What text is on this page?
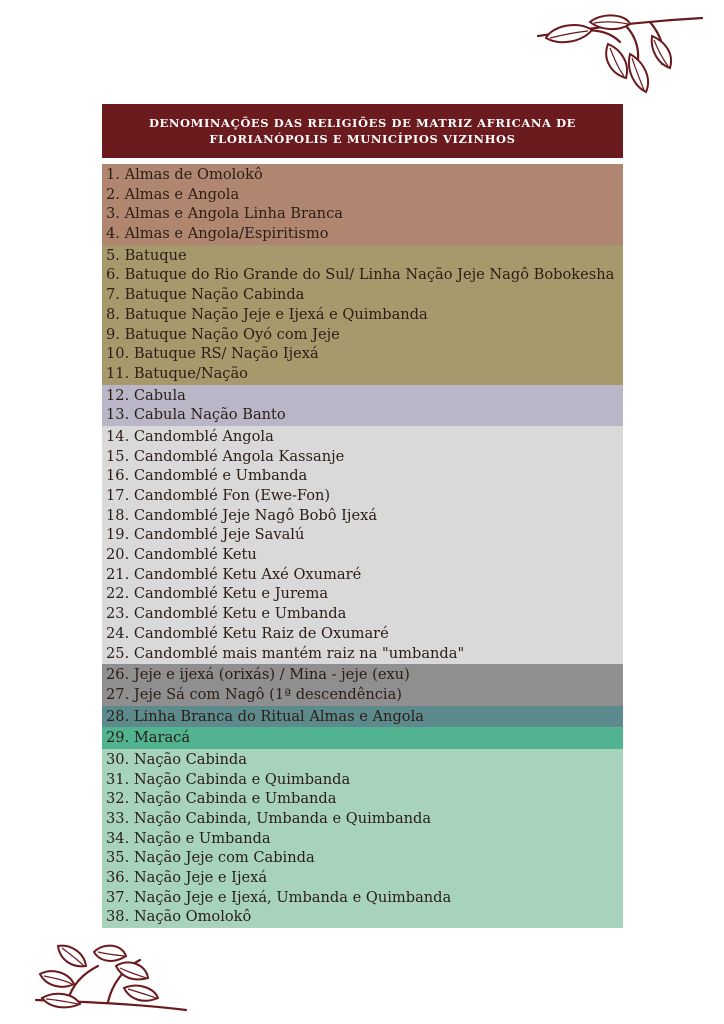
DENOMINAÇÕES DAS RELIGIÕES DE MATRIZ AFRICANA DE
FLORIANÓPOLIS E MUNICÍPIOS VIZINHOS
1. Almas de Omolokô
2. Almas e Angola
3. Almas e Angola Linha Branca
4. Almas e Angola/Espiritismo
5. Batuque
6. Batuque do Rio Grande do Sul/ Linha Nação Jeje Nagô Bobokesha
7. Batuque Nação Cabinda
8. Batuque Nação Jeje e Ijexá e Quimbanda
9. Batuque Nação Oyó com Jeje
10. Batuque RS/ Nação Ijexá
11. Batuque/Nação
12. Cabula
13. Cabula Nação Banto
14. Candomblé Angola
15. Candomblé Angola Kassanje
16. Candomblé e Umbanda
17. Candomblé Fon (Ewe-Fon)
18. Candomblé Jeje Nagô Bobô Ijexá
19. Candomblé Jeje Savalú
20. Candomblé Ketu
21. Candomblé Ketu Axé Oxumaré
22. Candomblé Ketu e Jurema
23. Candomblé Ketu e Umbanda
24. Candomblé Ketu Raiz de Oxumaré
25. Candomblé mais mantém raiz na "umbanda"
26. Jeje e ijexá (orixás) / Mina - jeje (exu)
27. Jeje Sá com Nagô (1ª descendência)
28. Linha Branca do Ritual Almas e Angola
29. Maracá
30. Nação Cabinda
31. Nação Cabinda e Quimbanda
32. Nação Cabinda e Umbanda
33. Nação Cabinda, Umbanda e Quimbanda
34. Nação e Umbanda
35. Nação Jeje com Cabinda
36. Nação Jeje e Ijexá
37. Nação Jeje e Ijexá, Umbanda e Quimbanda
38. Nação Omolokô
